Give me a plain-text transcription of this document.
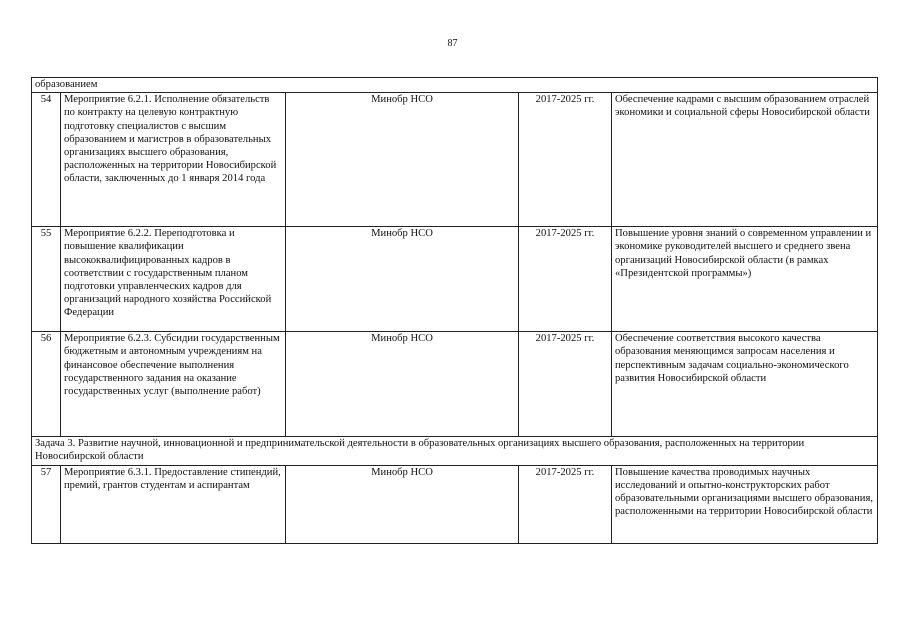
87
образованием				
54	Мероприятие 6.2.1. Исполнение обязательств по контракту на целевую контрактную подготовку специалистов с высшим образованием и магистров в образовательных организациях высшего образования, расположенных на территории Новосибирской области, заключенных до 1 января 2014 года	Минобр НСО	2017-2025 гг.	Обеспечение кадрами с высшим образованием отраслей экономики и социальной сферы Новосибирской области
55	Мероприятие 6.2.2. Переподготовка и повышение квалификации высококвалифицированных кадров в соответствии с государственным планом подготовки управленческих кадров для организаций народного хозяйства Российской Федерации	Минобр НСО	2017-2025 гг.	Повышение уровня знаний о современном управлении и экономике руководителей высшего и среднего звена организаций Новосибирской области (в рамках «Президентской программы»)
56	Мероприятие 6.2.3. Субсидии государственным бюджетным и автономным учреждениям на финансовое обеспечение выполнения государственного задания на оказание государственных услуг (выполнение работ)	Минобр НСО	2017-2025 гг.	Обеспечение соответствия высокого качества образования меняющимся запросам населения и перспективным задачам социально-экономического развития Новосибирской области
Задача 3. Развитие научной, инновационной и предпринимательской деятельности в образовательных организациях высшего образования, расположенных на территории Новосибирской области				
57	Мероприятие 6.3.1. Предоставление стипендий, премий, грантов студентам и аспирантам	Минобр НСО	2017-2025 гг.	Повышение качества проводимых научных исследований и опытно-конструкторских работ образовательными организациями высшего образования, расположенными на территории Новосибирской области
